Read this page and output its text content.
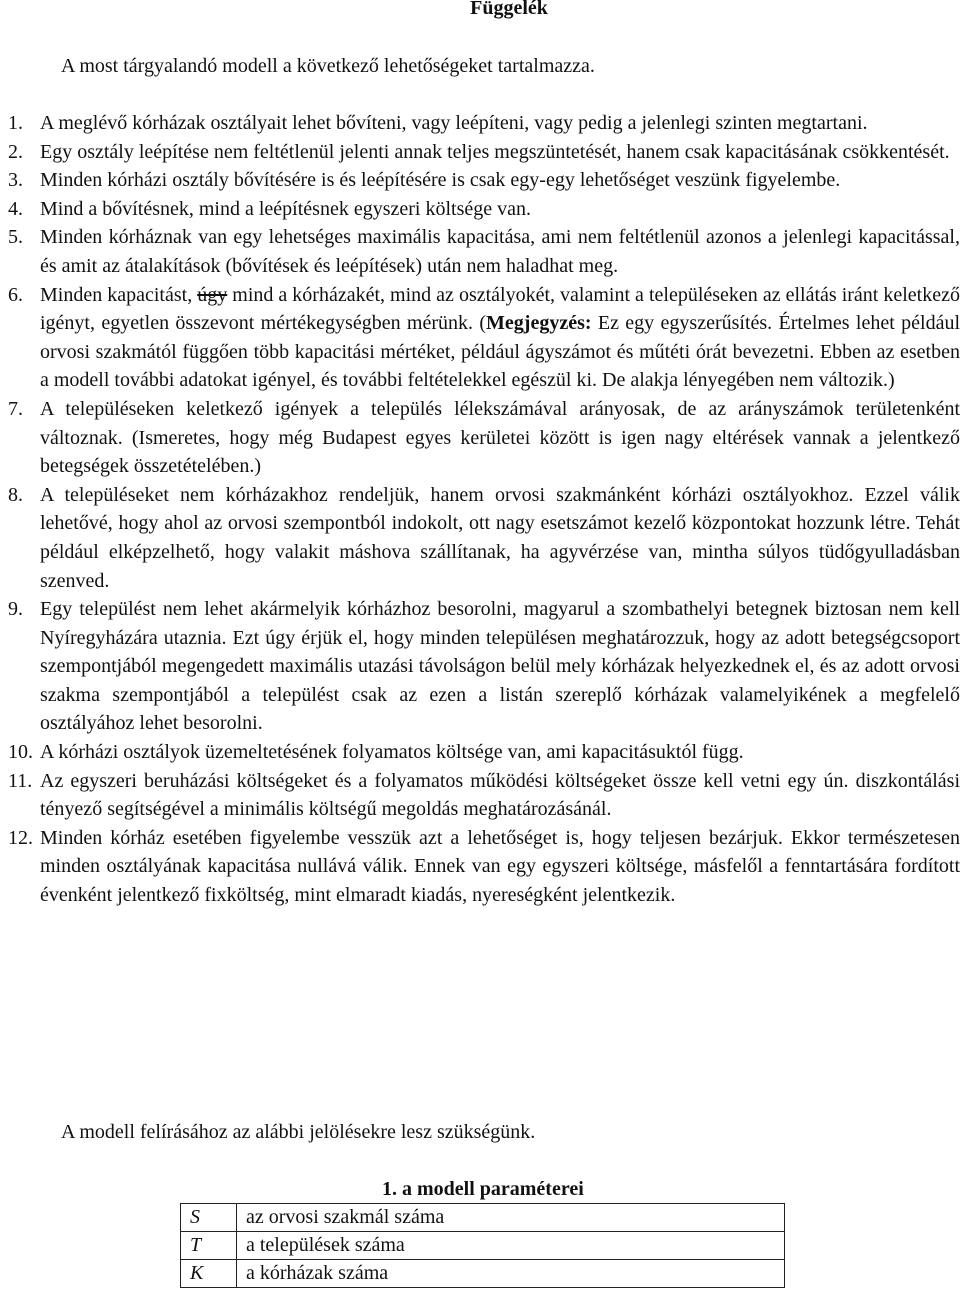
Függelék

A most tárgyalandó modell a következő lehetőségeket tartalmazza.

1. A meglévő kórházak osztályait lehet bővíteni, vagy leépíteni, vagy pedig a jelenlegi szinten megtartani.
2. Egy osztály leépítése nem feltétlenül jelenti annak teljes megszüntetését, hanem csak kapacitásának csökkentését.
3. Minden kórházi osztály bővítésére is és leépítésére is csak egy-egy lehetőséget veszünk figyelembe.
4. Mind a bővítésnek, mind a leépítésnek egyszeri költsége van.
5. Minden kórháznak van egy lehetséges maximális kapacitása, ami nem feltétlenül azonos a jelenlegi kapacitással, és amit az átalakítások (bővítések és leépítések) után nem haladhat meg.
6. Minden kapacitást, úgy mind a kórházakét, mind az osztályokét, valamint a településeken az ellátás iránt keletkező igényt, egyetlen összevont mértékegységben mérünk. (Megjegyzés: Ez egy egyszerűsítés. Értelmes lehet például orvosi szakmától függően több kapacitási mértéket, például ágyszámot és műtéti órát bevezetni. Ebben az esetben a modell további adatokat igényel, és további feltételekkel egészül ki. De alakja lényegében nem változik.)
7. A településeken keletkező igények a település lélekszámával arányosak, de az arányszámok területenként változnak. (Ismeretes, hogy még Budapest egyes kerületei között is igen nagy eltérések vannak a jelentkező betegségek összetételében.)
8. A településeket nem kórházakhoz rendeljük, hanem orvosi szakmánként kórházi osztályokhoz. Ezzel válik lehetővé, hogy ahol az orvosi szempontból indokolt, ott nagy esetszámot kezelő központokat hozzunk létre. Tehát például elképzelhető, hogy valakit máshova szállítanak, ha agyvérzése van, mintha súlyos tüdőgyulladásban szenved.
9. Egy települést nem lehet akármelyik kórházhoz besorolni, magyarul a szombathelyi betegnek biztosan nem kell Nyíregyházára utaznia. Ezt úgy érjük el, hogy minden településen meghatározzuk, hogy az adott betegségcsoport szempontjából megengedett maximális utazási távolságon belül mely kórházak helyezkednek el, és az adott orvosi szakma szempontjából a települést csak az ezen a listán szereplő kórházak valamelyikének a megfelelő osztályához lehet besorolni.
10. A kórházi osztályok üzemeltetésének folyamatos költsége van, ami kapacitásuktól függ.
11. Az egyszeri beruházási költségeket és a folyamatos működési költségeket össze kell vetni egy ún. diszkontálási tényező segítségével a minimális költségű megoldás meghatározásánál.
12. Minden kórház esetében figyelembe vesszük azt a lehetőséget is, hogy teljesen bezárjuk. Ekkor természetesen minden osztályának kapacitása nullává válik. Ennek van egy egyszeri költsége, másfelől a fenntartására fordított évenként jelentkező fixköltség, mint elmaradt kiadás, nyereségként jelentkezik.

A modell felírásához az alábbi jelölésekre lesz szükségünk.

1. a modell paraméterei

S	az orvosi szakmál száma
T	a települések száma
K	a kórházak száma
